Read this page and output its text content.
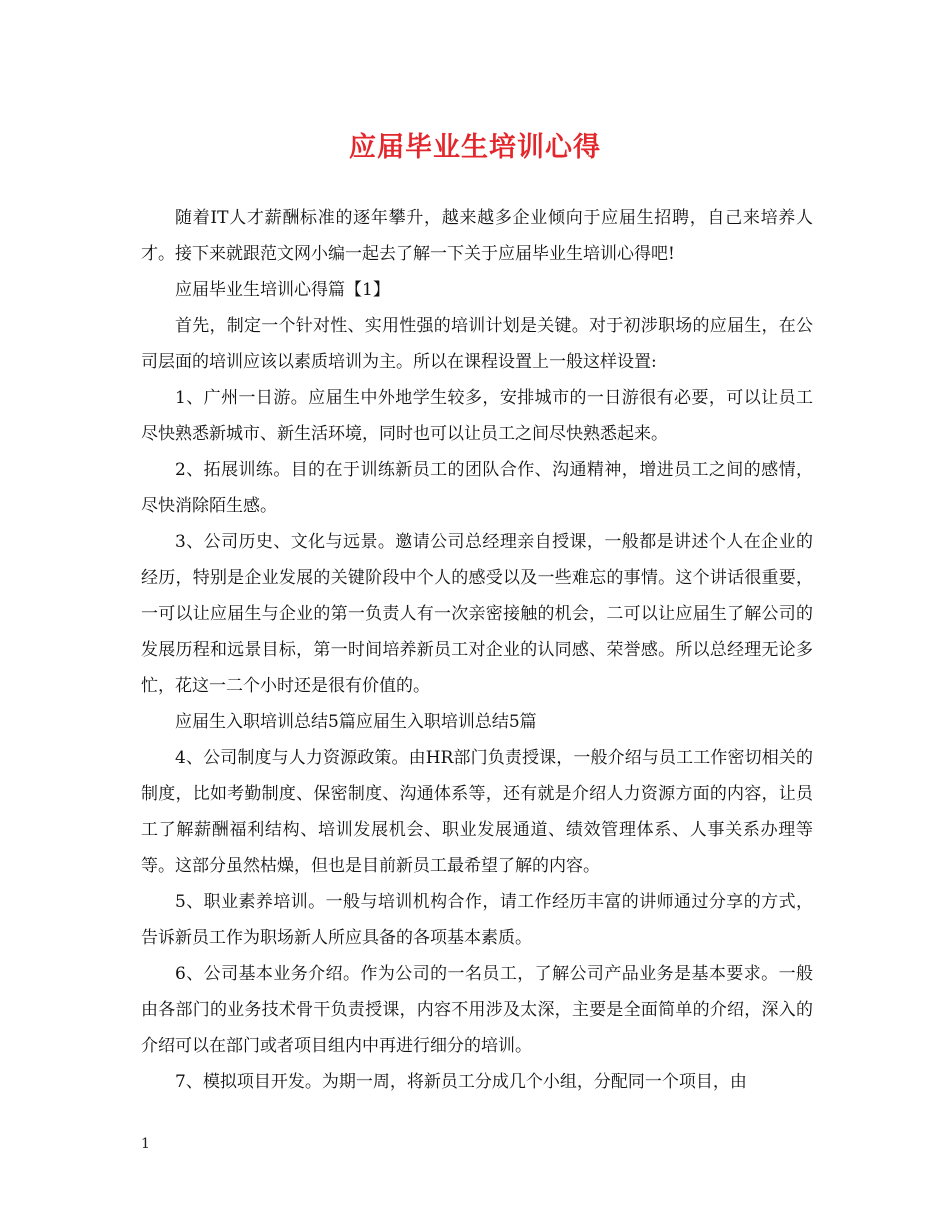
应届毕业生培训心得

随着IT人才薪酬标准的逐年攀升，越来越多企业倾向于应届生招聘，自己来培养人才。接下来就跟范文网小编一起去了解一下关于应届毕业生培训心得吧!

应届毕业生培训心得篇【1】

首先，制定一个针对性、实用性强的培训计划是关键。对于初涉职场的应届生，在公司层面的培训应该以素质培训为主。所以在课程设置上一般这样设置:

1、广州一日游。应届生中外地学生较多，安排城市的一日游很有必要，可以让员工尽快熟悉新城市、新生活环境，同时也可以让员工之间尽快熟悉起来。

2、拓展训练。目的在于训练新员工的团队合作、沟通精神，增进员工之间的感情，尽快消除陌生感。

3、公司历史、文化与远景。邀请公司总经理亲自授课，一般都是讲述个人在企业的经历，特别是企业发展的关键阶段中个人的感受以及一些难忘的事情。这个讲话很重要，一可以让应届生与企业的第一负责人有一次亲密接触的机会，二可以让应届生了解公司的发展历程和远景目标，第一时间培养新员工对企业的认同感、荣誉感。所以总经理无论多忙，花这一二个小时还是很有价值的。

应届生入职培训总结5篇应届生入职培训总结5篇

4、公司制度与人力资源政策。由HR部门负责授课，一般介绍与员工工作密切相关的制度，比如考勤制度、保密制度、沟通体系等，还有就是介绍人力资源方面的内容，让员工了解薪酬福利结构、培训发展机会、职业发展通道、绩效管理体系、人事关系办理等等。这部分虽然枯燥，但也是目前新员工最希望了解的内容。

5、职业素养培训。一般与培训机构合作，请工作经历丰富的讲师通过分享的方式，告诉新员工作为职场新人所应具备的各项基本素质。

6、公司基本业务介绍。作为公司的一名员工，了解公司产品业务是基本要求。一般由各部门的业务技术骨干负责授课，内容不用涉及太深，主要是全面简单的介绍，深入的介绍可以在部门或者项目组内中再进行细分的培训。

7、模拟项目开发。为期一周，将新员工分成几个小组，分配同一个项目，由

1
